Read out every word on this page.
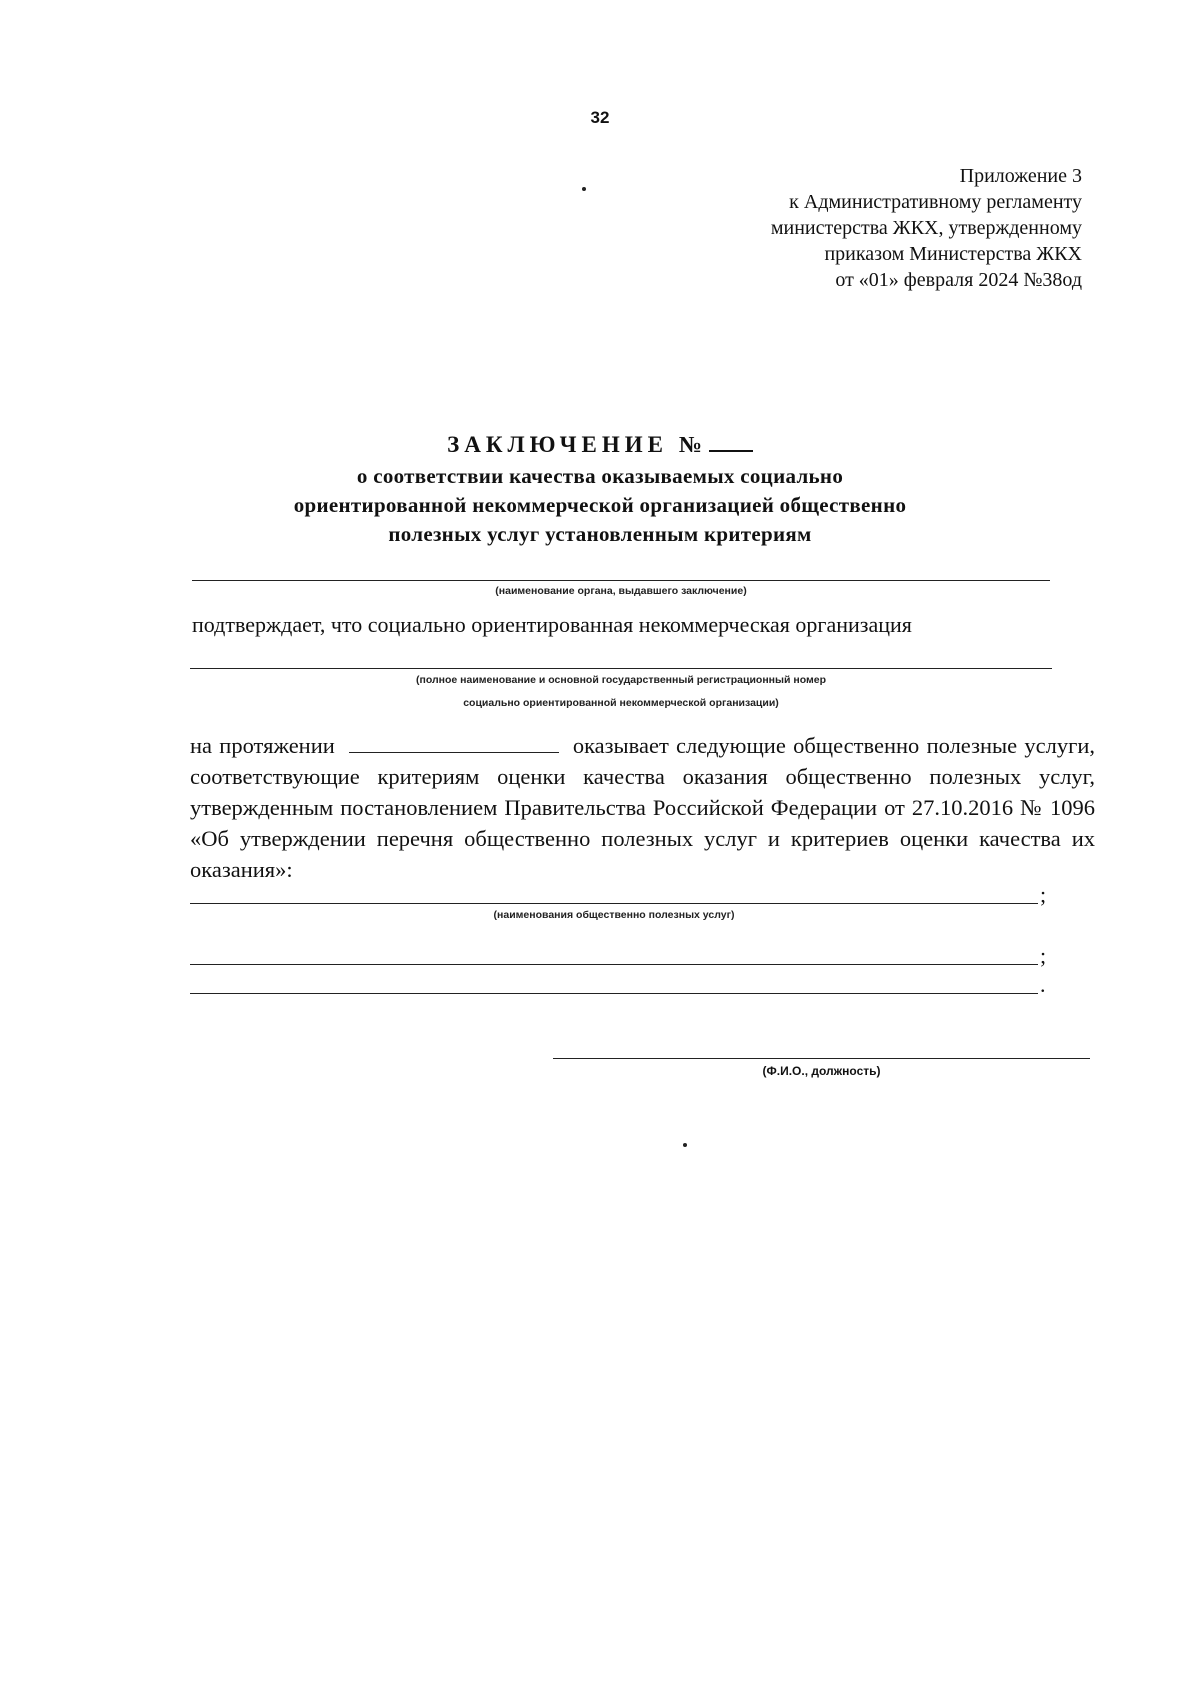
32
Приложение 3
к Административному регламенту
министерства ЖКХ, утвержденному
приказом Министерства ЖКХ
от «01» февраля 2024 №38од
ЗАКЛЮЧЕНИЕ №
о соответствии качества оказываемых социально
ориентированной некоммерческой организацией общественно
полезных услуг установленным критериям
(наименование органа, выдавшего заключение)
подтверждает, что социально ориентированная некоммерческая организация
(полное наименование и основной государственный регистрационный номер
социально ориентированной некоммерческой организации)
на протяжении	оказывает следующие общественно полезные услуги, соответствующие критериям оценки качества оказания общественно полезных услуг, утвержденным постановлением Правительства Российской Федерации от 27.10.2016 № 1096 «Об утверждении перечня общественно полезных услуг и критериев оценки качества их оказания»:
;
(наименования общественно полезных услуг)
;
.
(Ф.И.О., должность)
